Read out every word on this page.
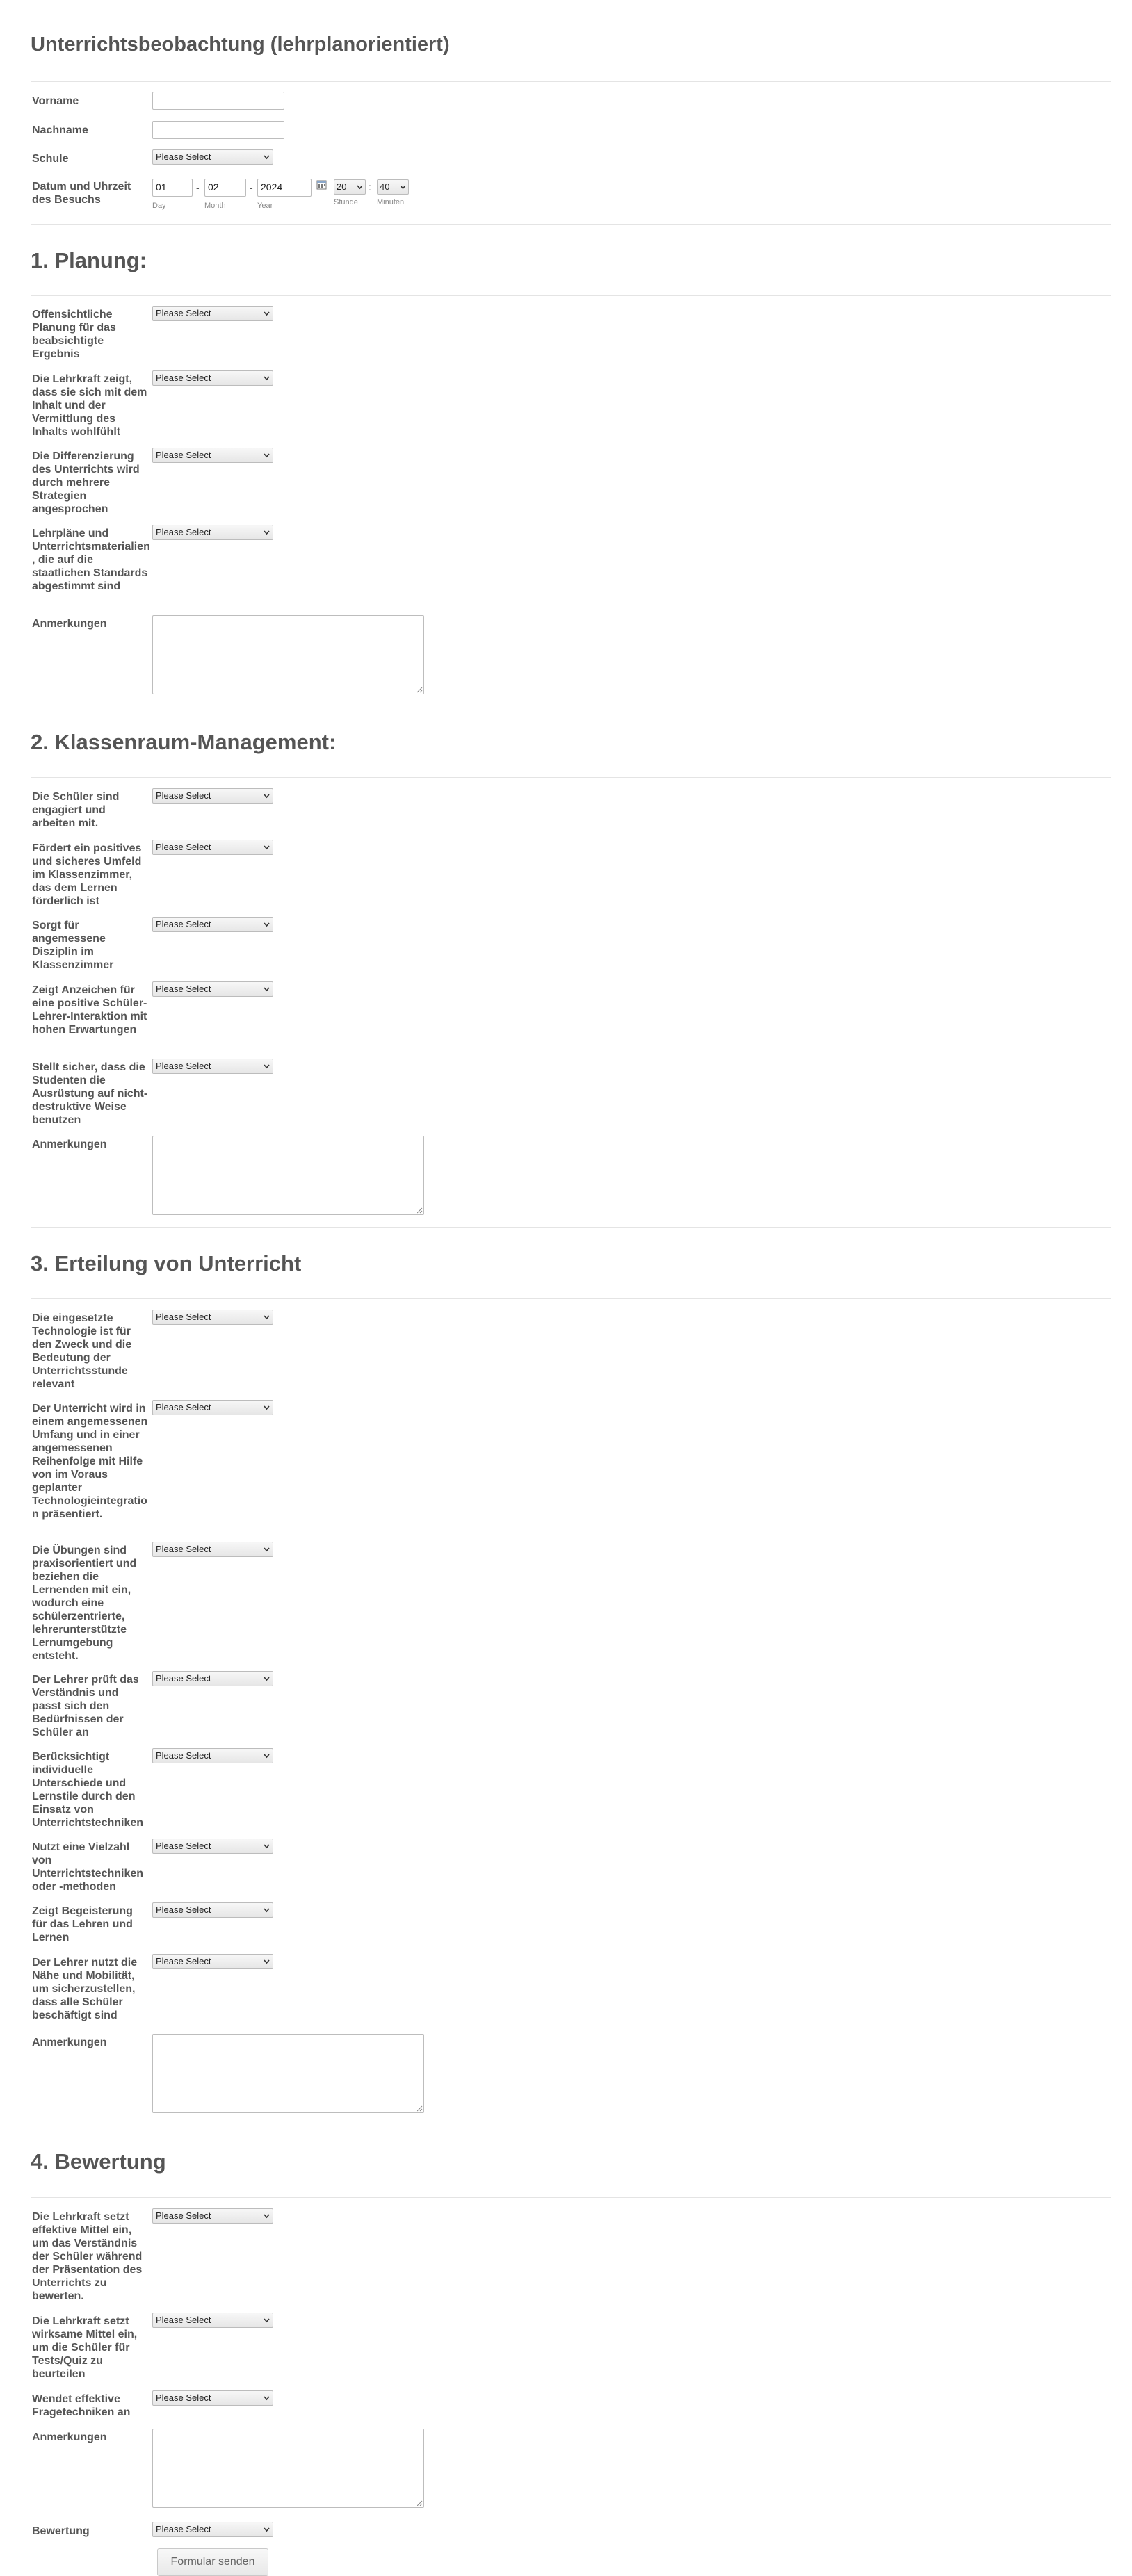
Unterrichtsbeobachtung (lehrplanorientiert)
Vorname
Nachname
Schule	Please Select
Datum und Uhrzeit des Besuchs
01	- 02	- 2024	20	: 40
Day	Month	Year	Stunde Minuten
1. Planung:
Offensichtliche Planung für das beabsichtigte Ergebnis
Please Select
Die Lehrkraft zeigt, dass sie sich mit dem Inhalt und der Vermittlung des Inhalts wohlfühlt
Please Select
Die Differenzierung des Unterrichts wird durch mehrere Strategien angesprochen
Please Select
Lehrpläne und Unterrichtsmaterialien, die auf die staatlichen Standards abgestimmt sind
Please Select
Anmerkungen
2. Klassenraum-Management:
Die Schüler sind engagiert und arbeiten mit.
Please Select
Fördert ein positives und sicheres Umfeld im Klassenzimmer, das dem Lernen förderlich ist
Please Select
Sorgt für angemessene Disziplin im Klassenzimmer
Please Select
Zeigt Anzeichen für eine positive Schüler-Lehrer-Interaktion mit hohen Erwartungen
Please Select
Stellt sicher, dass die Studenten die Ausrüstung auf nicht-destruktive Weise benutzen
Please Select
Anmerkungen
3. Erteilung von Unterricht
Die eingesetzte Technologie ist für den Zweck und die Bedeutung der Unterrichtsstunde relevant
Please Select
Der Unterricht wird in einem angemessenen Umfang und in einer angemessenen Reihenfolge mit Hilfe von im Voraus geplanter Technologieintegration präsentiert.
Please Select
Die Übungen sind praxisorientiert und beziehen die Lernenden mit ein, wodurch eine schülerzentrierte, lehrerunterstützte Lernumgebung entsteht.
Please Select
Der Lehrer prüft das Verständnis und passt sich den Bedürfnissen der Schüler an
Please Select
Berücksichtigt individuelle Unterschiede und Lernstile durch den Einsatz von Unterrichtstechniken
Please Select
Nutzt eine Vielzahl von Unterrichtstechniken oder -methoden
Please Select
Zeigt Begeisterung für das Lehren und Lernen
Please Select
Der Lehrer nutzt die Nähe und Mobilität, um sicherzustellen, dass alle Schüler beschäftigt sind
Please Select
Anmerkungen
4. Bewertung
Die Lehrkraft setzt effektive Mittel ein, um das Verständnis der Schüler während der Präsentation des Unterrichts zu bewerten.
Please Select
Die Lehrkraft setzt wirksame Mittel ein, um die Schüler für Tests/Quiz zu beurteilen
Please Select
Wendet effektive Fragetechniken an
Please Select
Anmerkungen
Bewertung	Please Select
Formular senden
